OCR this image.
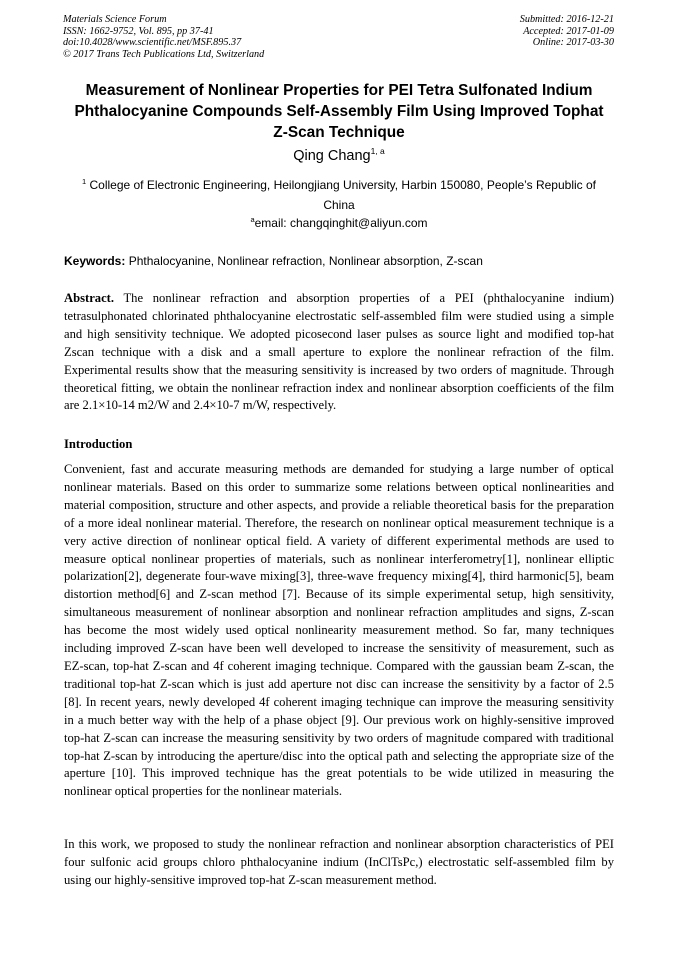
Materials Science Forum
ISSN: 1662-9752, Vol. 895, pp 37-41
doi:10.4028/www.scientific.net/MSF.895.37
© 2017 Trans Tech Publications Ltd, Switzerland
Submitted: 2016-12-21
Accepted: 2017-01-09
Online: 2017-03-30
Measurement of Nonlinear Properties for PEI Tetra Sulfonated Indium
Phthalocyanine Compounds Self-Assembly Film Using Improved Tophat
Z-Scan Technique
Qing Chang$^{1, a}$
$^1$ College of Electronic Engineering, Heilongjiang University, Harbin 150080, People’s Republic of China
$^a$email: changqinghit@aliyun.com
Keywords: Phthalocyanine, Nonlinear refraction, Nonlinear absorption, Z-scan
Abstract. The nonlinear refraction and absorption properties of a PEI (phthalocyanine indium) tetrasulphonated chlorinated phthalocyanine electrostatic self-assembled film were studied using a simple and high sensitivity technique. We adopted picosecond laser pulses as source light and modified top-hat Zscan technique with a disk and a small aperture to explore the nonlinear refraction of the film. Experimental results show that the measuring sensitivity is increased by two orders of magnitude. Through theoretical fitting, we obtain the nonlinear refraction index and nonlinear absorption coefficients of the film are 2.1×10-14 m2/W and 2.4×10-7 m/W, respectively.
Introduction
Convenient, fast and accurate measuring methods are demanded for studying a large number of optical nonlinear materials. Based on this order to summarize some relations between optical nonlinearities and material composition, structure and other aspects, and provide a reliable theoretical basis for the preparation of a more ideal nonlinear material. Therefore, the research on nonlinear optical measurement technique is a very active direction of nonlinear optical field. A variety of different experimental methods are used to measure optical nonlinear properties of materials, such as nonlinear interferometry[1], nonlinear elliptic polarization[2], degenerate four-wave mixing[3], three-wave frequency mixing[4], third harmonic[5], beam distortion method[6] and Z-scan method [7]. Because of its simple experimental setup, high sensitivity, simultaneous measurement of nonlinear absorption and nonlinear refraction amplitudes and signs, Z-scan has become the most widely used optical nonlinearity measurement method. So far, many techniques including improved Z-scan have been well developed to increase the sensitivity of measurement, such as EZ-scan, top-hat Z-scan and 4f coherent imaging technique. Compared with the gaussian beam Z-scan, the traditional top-hat Z-scan which is just add aperture not disc can increase the sensitivity by a factor of 2.5 [8]. In recent years, newly developed 4f coherent imaging technique can improve the measuring sensitivity in a much better way with the help of a phase object [9]. Our previous work on highly-sensitive improved top-hat Z-scan can increase the measuring sensitivity by two orders of magnitude compared with traditional top-hat Z-scan by introducing the aperture/disc into the optical path and selecting the appropriate size of the aperture [10]. This improved technique has the great potentials to be wide utilized in measuring the nonlinear optical properties for the nonlinear materials.
In this work, we proposed to study the nonlinear refraction and nonlinear absorption characteristics of PEI four sulfonic acid groups chloro phthalocyanine indium (InClTsPc,) electrostatic self-assembled film by using our highly-sensitive improved top-hat Z-scan measurement method.
